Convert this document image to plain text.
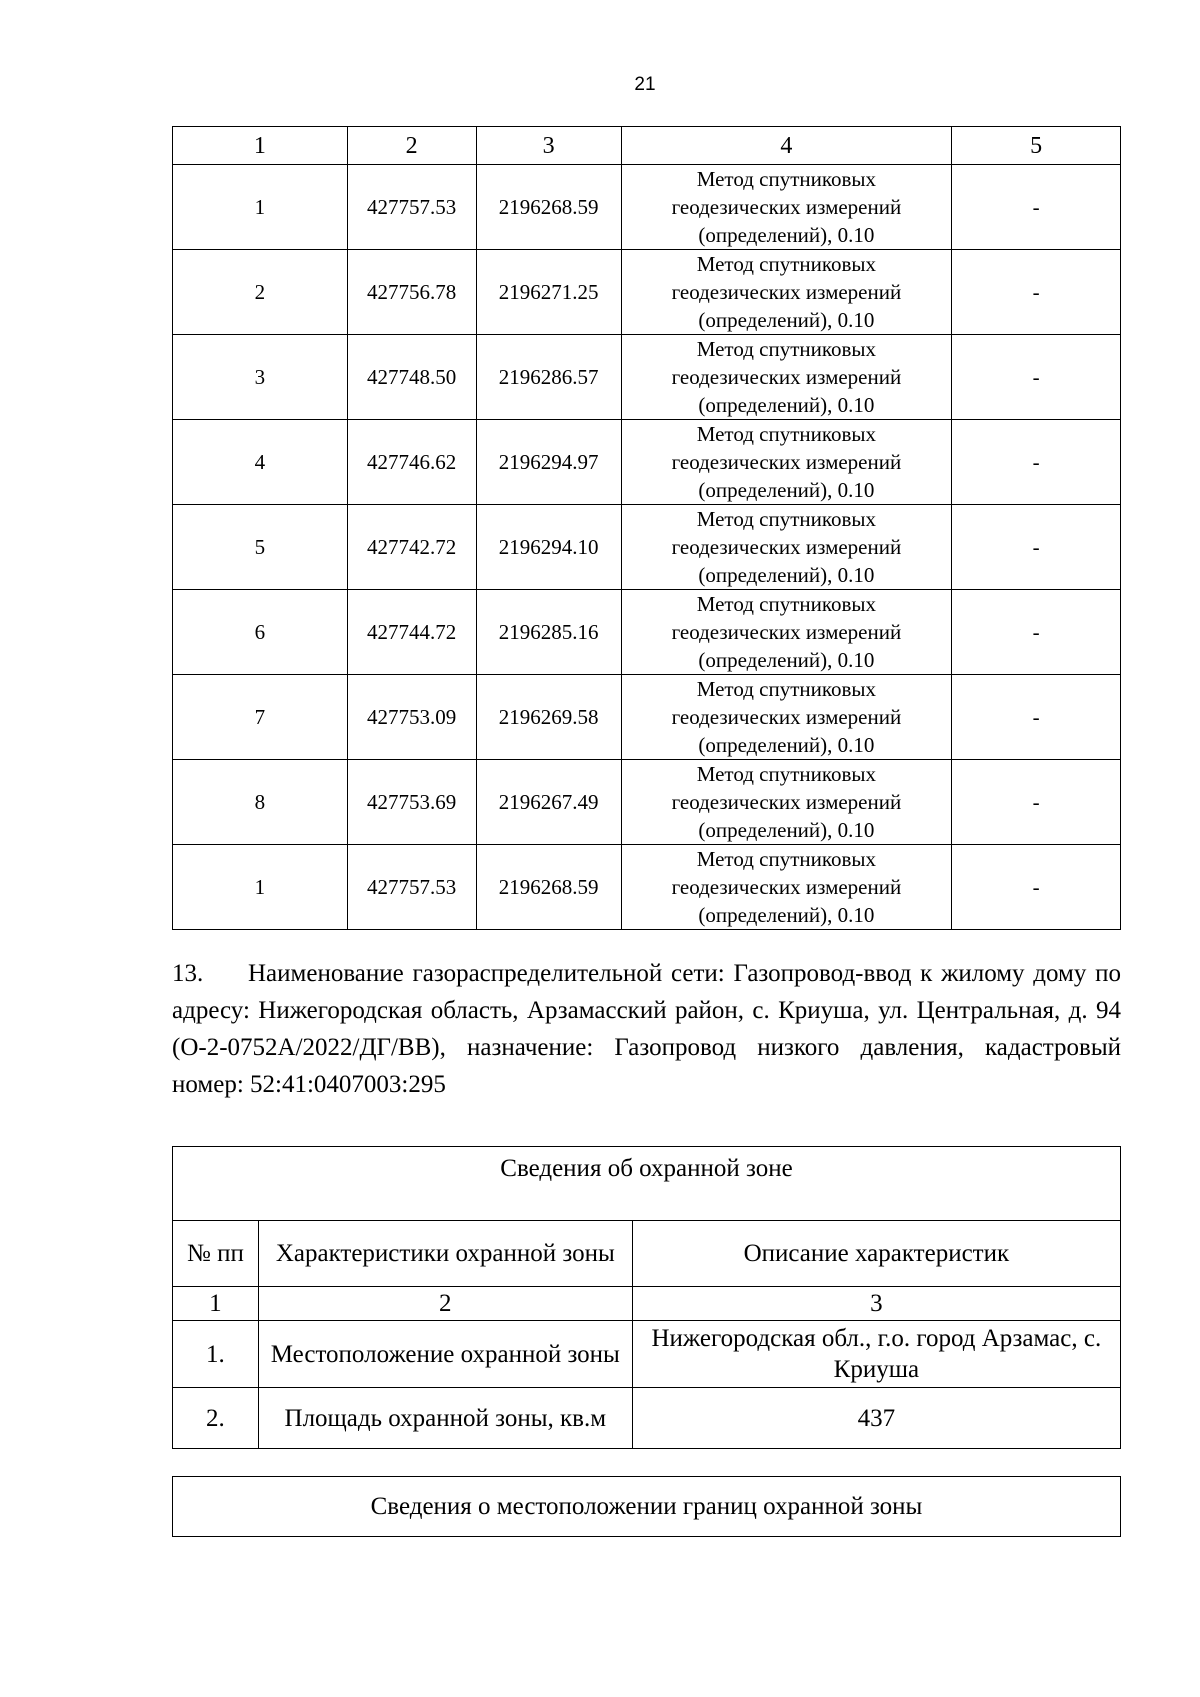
21
1	2	3	4	5
1	427757.53	2196268.59	Метод спутниковых
геодезических измерений
(определений), 0.10	-
2	427756.78	2196271.25	Метод спутниковых
геодезических измерений
(определений), 0.10	-
3	427748.50	2196286.57	Метод спутниковых
геодезических измерений
(определений), 0.10	-
4	427746.62	2196294.97	Метод спутниковых
геодезических измерений
(определений), 0.10	-
5	427742.72	2196294.10	Метод спутниковых
геодезических измерений
(определений), 0.10	-
6	427744.72	2196285.16	Метод спутниковых
геодезических измерений
(определений), 0.10	-
7	427753.09	2196269.58	Метод спутниковых
геодезических измерений
(определений), 0.10	-
8	427753.69	2196267.49	Метод спутниковых
геодезических измерений
(определений), 0.10	-
1	427757.53	2196268.59	Метод спутниковых
геодезических измерений
(определений), 0.10	-
13. Наименование газораспределительной сети: Газопровод-ввод к жилому дому по адресу: Нижегородская область, Арзамасский район, с. Криуша, ул. Центральная, д. 94 (О-2-0752А/2022/ДГ/ВВ), назначение: Газопровод низкого давления, кадастровый номер: 52:41:0407003:295
Сведения об охранной зоне		
№ пп	Характеристики охранной зоны	Описание характеристик
1	2	3
1.	Местоположение охранной зоны	Нижегородская обл., г.о. город Арзамас, с. Криуша
2.	Площадь охранной зоны, кв.м	437
Сведения о местоположении границ охранной зоны
